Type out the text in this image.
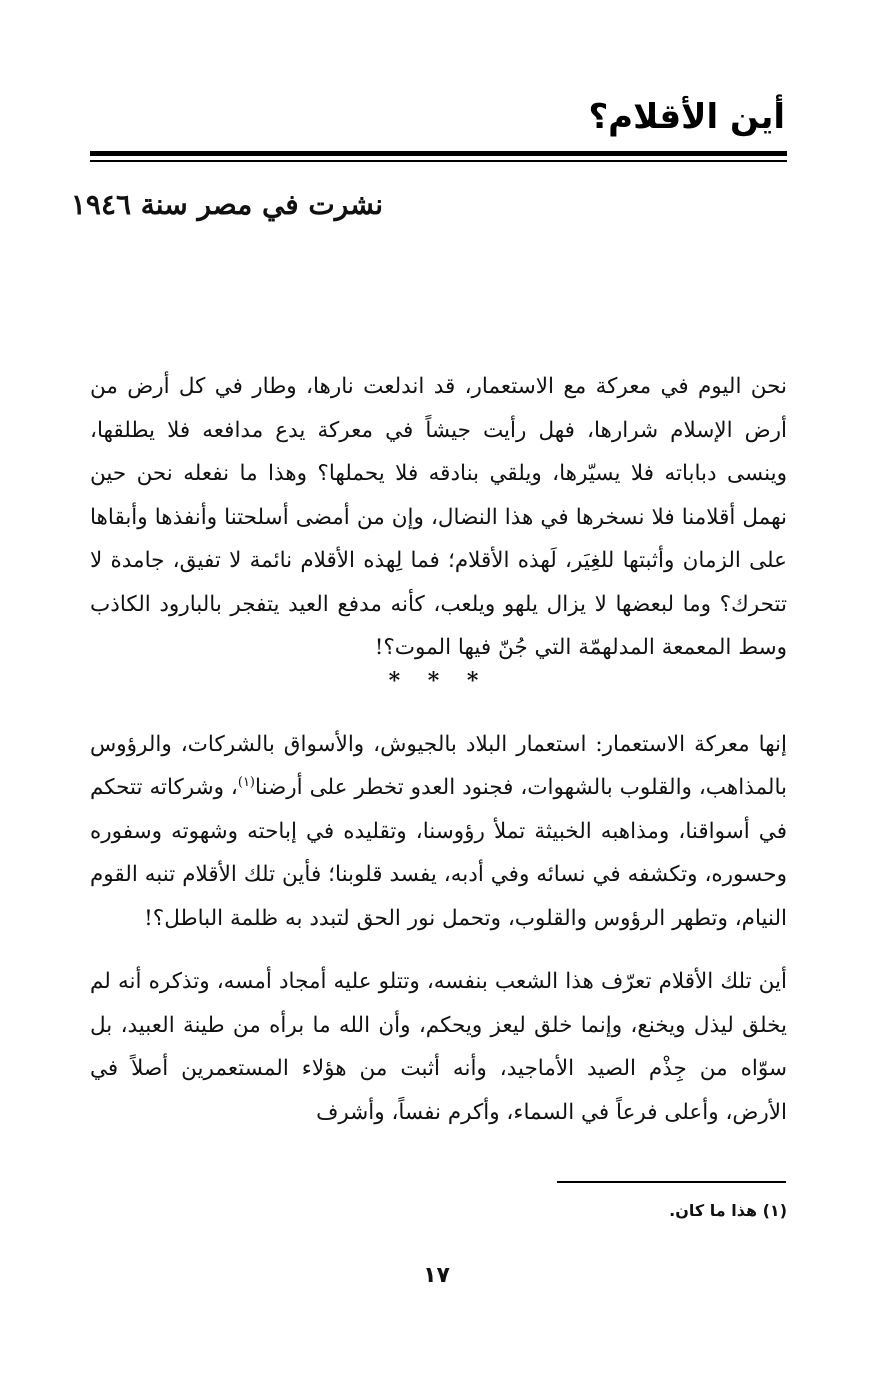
أين الأقلام؟
نشرت في مصر سنة ١٩٤٦

نحن اليوم في معركة مع الاستعمار، قد اندلعت نارها، وطار في كل أرض من أرض الإسلام شرارها، فهل رأيت جيشاً في معركة يدع مدافعه فلا يطلقها، وينسى دباباته فلا يسيّرها، ويلقي بنادقه فلا يحملها؟ وهذا ما نفعله نحن حين نهمل أقلامنا فلا نسخرها في هذا النضال، وإن من أمضى أسلحتنا وأنفذها وأبقاها على الزمان وأثبتها للغِيَر، لَهذه الأقلام؛ فما لِهذه الأقلام نائمة لا تفيق، جامدة لا تتحرك؟ وما لبعضها لا يزال يلهو ويلعب، كأنه مدفع العيد يتفجر بالبارود الكاذب وسط المعمعة المدلهمّة التي جُنّ فيها الموت؟!

* * *

إنها معركة الاستعمار: استعمار البلاد بالجيوش، والأسواق بالشركات، والرؤوس بالمذاهب، والقلوب بالشهوات، فجنود العدو تخطر على أرضنا$^{(١)}$، وشركاته تتحكم في أسواقنا، ومذاهبه الخبيثة تملأ رؤوسنا، وتقليده في إباحته وشهوته وسفوره وحسوره، وتكشفه في نسائه وفي أدبه، يفسد قلوبنا؛ فأين تلك الأقلام تنبه القوم النيام، وتطهر الرؤوس والقلوب، وتحمل نور الحق لتبدد به ظلمة الباطل؟!

أين تلك الأقلام تعرّف هذا الشعب بنفسه، وتتلو عليه أمجاد أمسه، وتذكره أنه لم يخلق ليذل ويخنع، وإنما خلق ليعز ويحكم، وأن الله ما برأه من طينة العبيد، بل سوّاه من جِذْم الصيد الأماجيد، وأنه أثبت من هؤلاء المستعمرين أصلاً في الأرض، وأعلى فرعاً في السماء، وأكرم نفساً، وأشرف

(١) هذا ما كان.

١٧
